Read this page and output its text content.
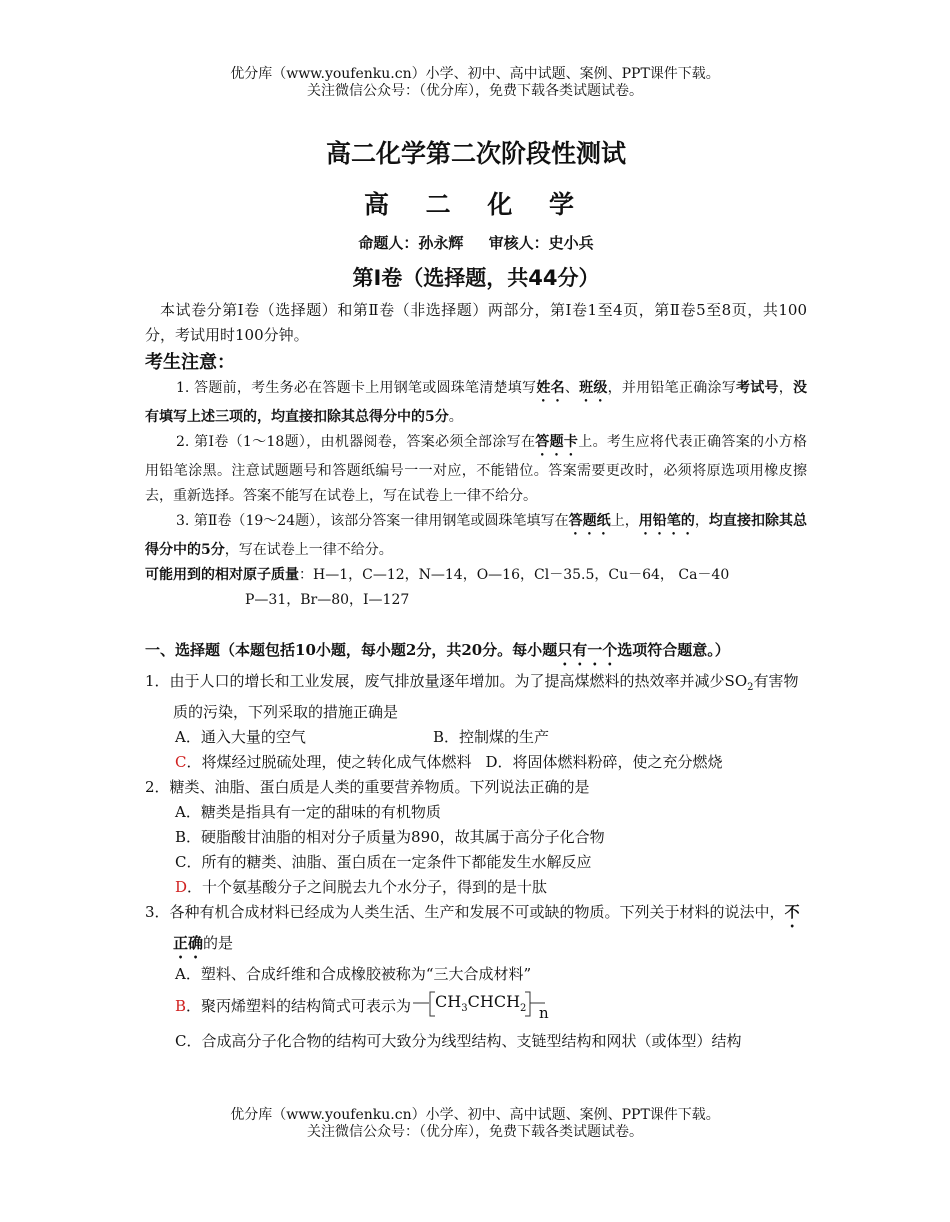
优分库（www.youfenku.cn）小学、初中、高中试题、案例、PPT课件下载。
关注微信公众号：（优分库），免费下载各类试题试卷。
高二化学第二次阶段性测试
高 二 化 学
命题人：孙永辉 审核人：史小兵
第Ⅰ卷（选择题，共44分）

本试卷分第Ⅰ卷（选择题）和第Ⅱ卷（非选择题）两部分，第Ⅰ卷1至4页，第Ⅱ卷5至8页，共100分，考试用时100分钟。

考生注意：

1. 答题前，考生务必在答题卡上用钢笔或圆珠笔清楚填写姓名、班级，并用铅笔正确涂写考试号，没有填写上述三项的，均直接扣除其总得分中的5分。

2. 第Ⅰ卷（1～18题），由机器阅卷，答案必须全部涂写在答题卡上。考生应将代表正确答案的小方格用铅笔涂黑。注意试题题号和答题纸编号一一对应，不能错位。答案需要更改时，必须将原选项用橡皮擦去，重新选择。答案不能写在试卷上，写在试卷上一律不给分。

3. 第Ⅱ卷（19～24题），该部分答案一律用钢笔或圆珠笔填写在答题纸上，用铅笔的，均直接扣除其总得分中的5分，写在试卷上一律不给分。

可能用到的相对原子质量：H—1，C—12，N—14，O—16，Cl－35.5，Cu－64， Ca－40
P—31，Br—80，I—127
一、选择题（本题包括10小题，每小题2分，共20分。每小题只有一个选项符合题意。）
1．由于人口的增长和工业发展，废气排放量逐年增加。为了提高煤燃料的热效率并减少$SO_2$有害物质的污染，下列采取的措施正确是
A．通入大量的空气	B．控制煤的生产
C．将煤经过脱硫处理，使之转化成气体燃料 D．将固体燃料粉碎，使之充分燃烧
2．糖类、油脂、蛋白质是人类的重要营养物质。下列说法正确的是
A．糖类是指具有一定的甜味的有机物质
B．硬脂酸甘油脂的相对分子质量为890，故其属于高分子化合物
C．所有的糖类、油脂、蛋白质在一定条件下都能发生水解反应
D．十个氨基酸分子之间脱去九个水分子，得到的是十肽
3．各种有机合成材料已经成为人类生活、生产和发展不可或缺的物质。下列关于材料的说法中，不正确的是
A．塑料、合成纤维和合成橡胶被称为“三大合成材料”
B．聚丙烯塑料的结构简式可表示为 $CH_3CHCH_2$ n

C．合成高分子化合物的结构可大致分为线型结构、支链型结构和网状（或体型）结构

优分库（www.youfenku.cn）小学、初中、高中试题、案例、PPT课件下载。
关注微信公众号：（优分库），免费下载各类试题试卷。
